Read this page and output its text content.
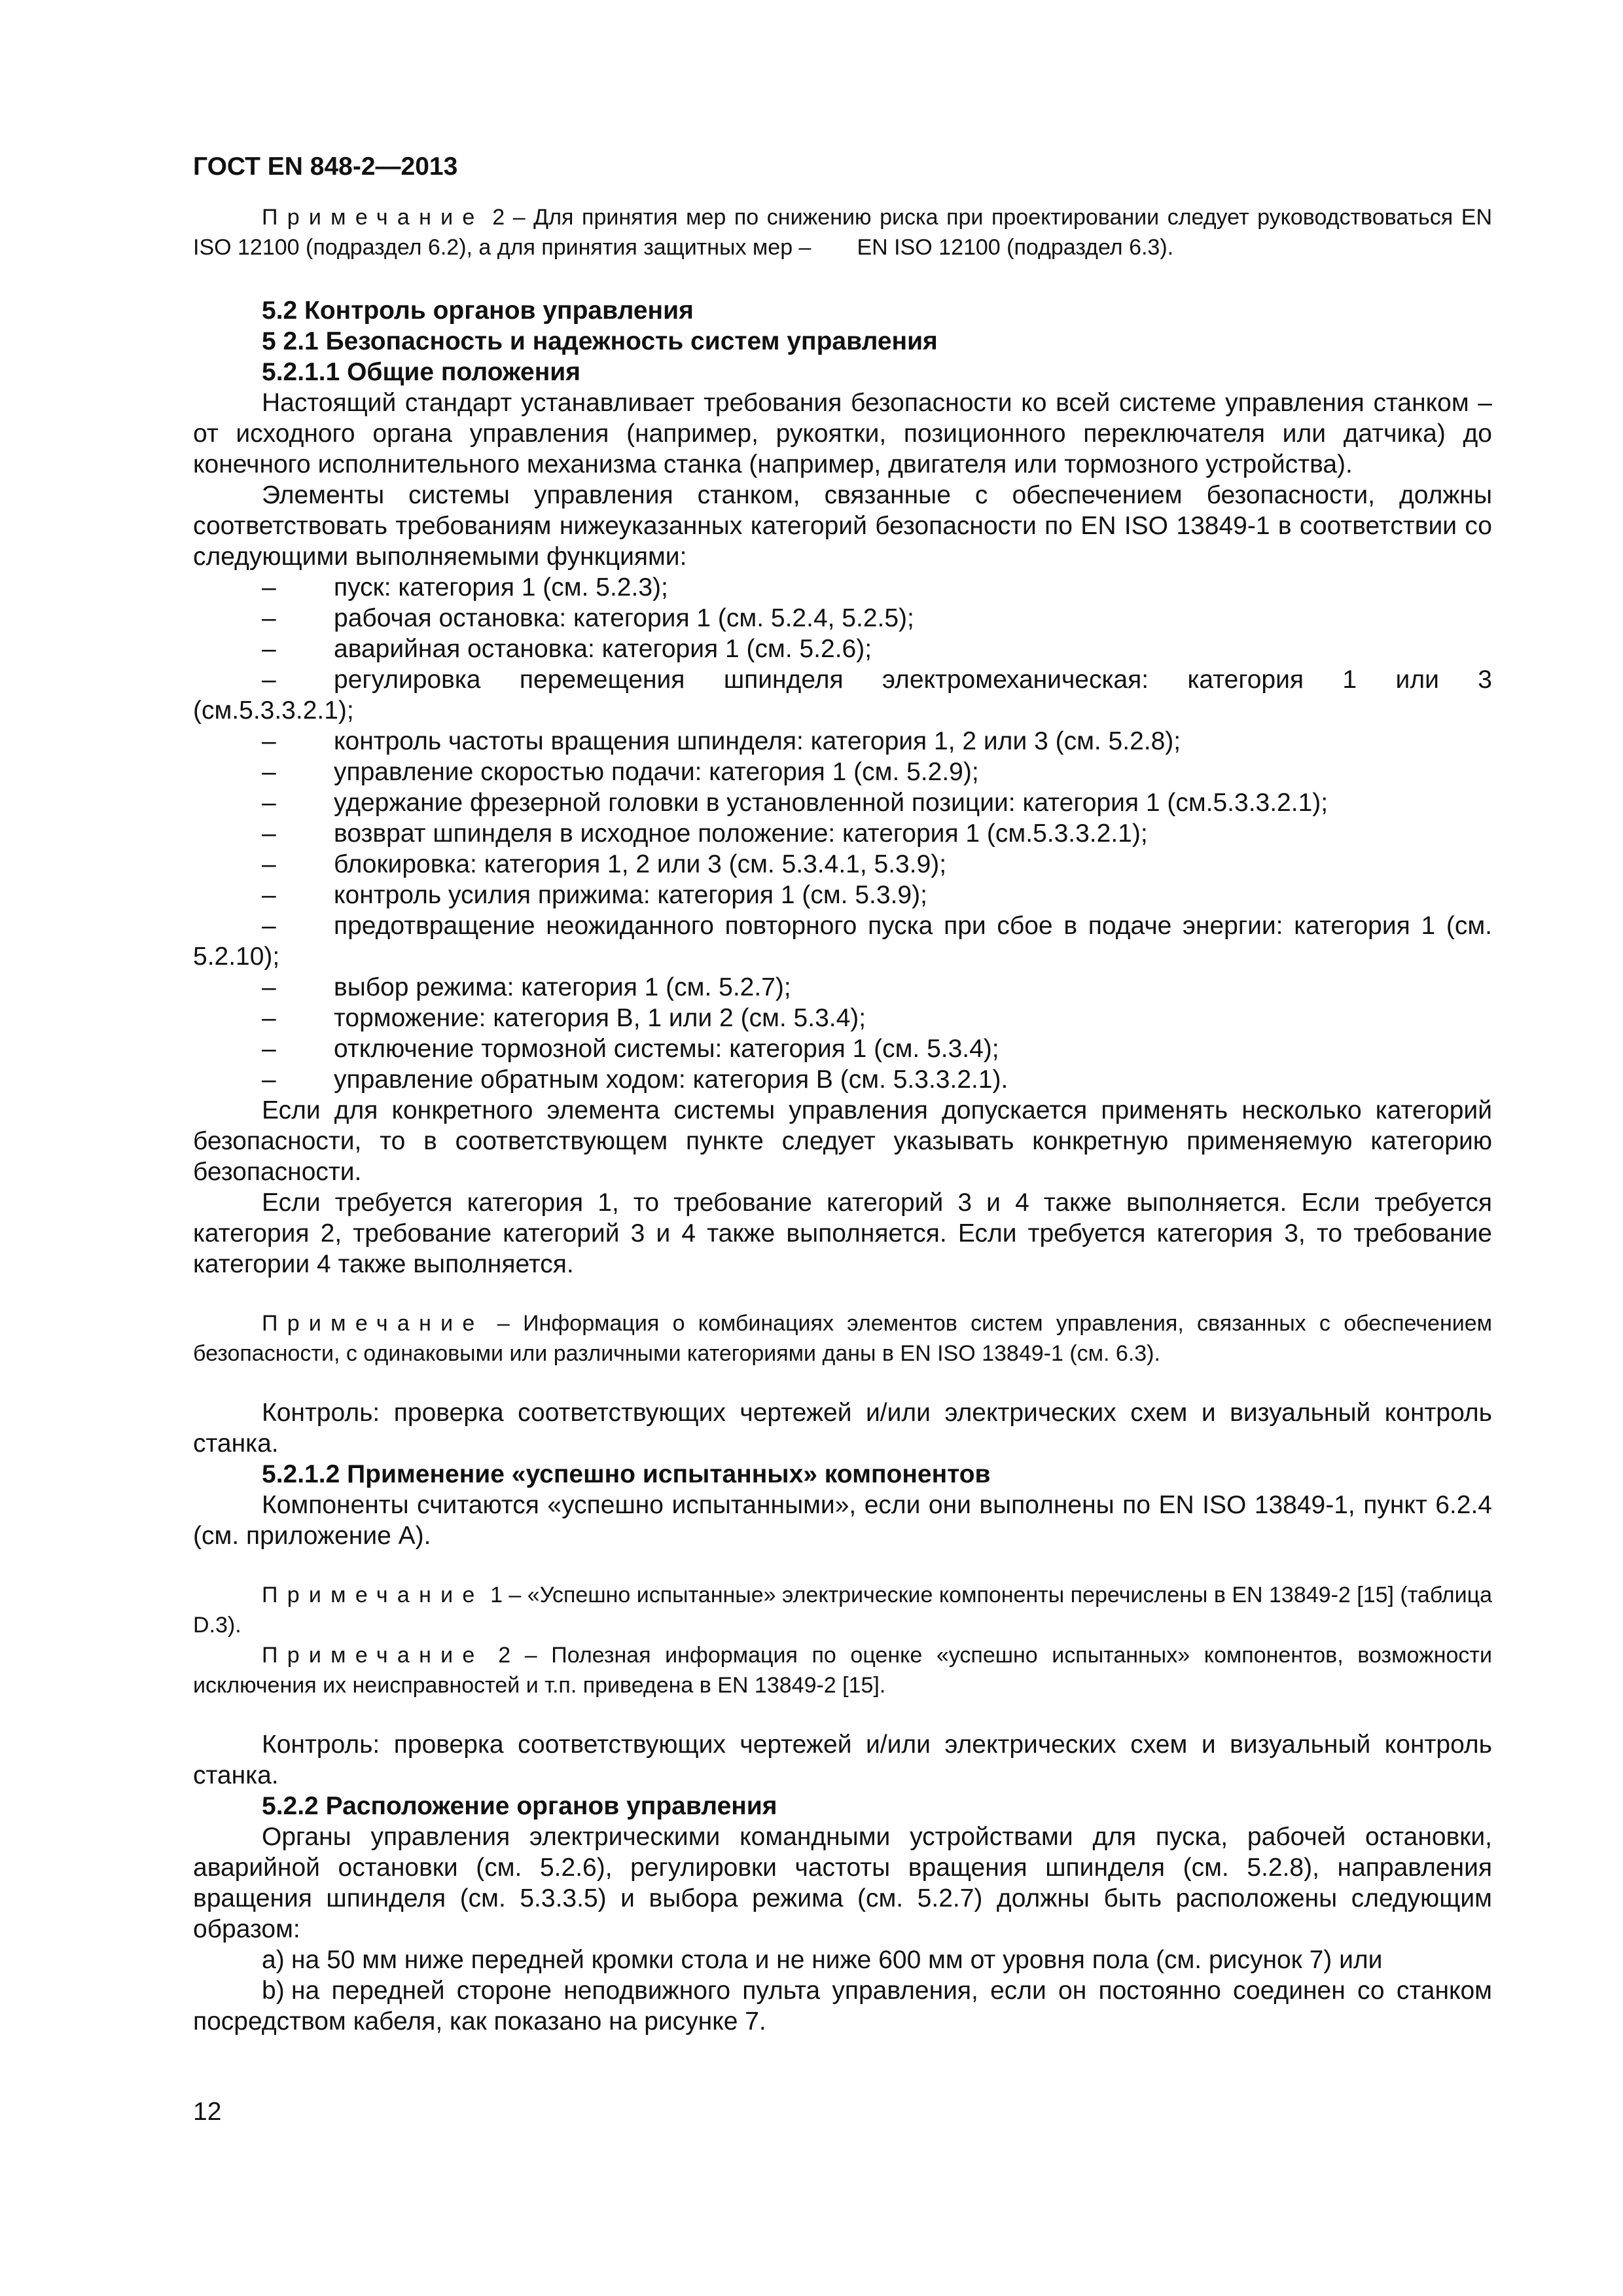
ГОСТ EN 848-2—2013

Примечание 2 – Для принятия мер по снижению риска при проектировании следует руководствоваться EN ISO 12100 (подраздел 6.2), а для принятия защитных мер – EN ISO 12100 (подраздел 6.3).

5.2 Контроль органов управления

5 2.1 Безопасность и надежность систем управления

5.2.1.1 Общие положения

Настоящий стандарт устанавливает требования безопасности ко всей системе управления станком – от исходного органа управления (например, рукоятки, позиционного переключателя или датчика) до конечного исполнительного механизма станка (например, двигателя или тормозного устройства).

Элементы системы управления станком, связанные с обеспечением безопасности, должны соответствовать требованиям нижеуказанных категорий безопасности по EN ISO 13849-1 в соответствии со следующими выполняемыми функциями:

– пуск: категория 1 (см. 5.2.3);

– рабочая остановка: категория 1 (см. 5.2.4, 5.2.5);

– аварийная остановка: категория 1 (см. 5.2.6);

– регулировка перемещения шпинделя электромеханическая: категория 1 или 3

(см.5.3.3.2.1);

– контроль частоты вращения шпинделя: категория 1, 2 или 3 (см. 5.2.8);

– управление скоростью подачи: категория 1 (см. 5.2.9);

– удержание фрезерной головки в установленной позиции: категория 1 (см.5.3.3.2.1);

– возврат шпинделя в исходное положение: категория 1 (см.5.3.3.2.1);

– блокировка: категория 1, 2 или 3 (см. 5.3.4.1, 5.3.9);

– контроль усилия прижима: категория 1 (см. 5.3.9);

– предотвращение неожиданного повторного пуска при сбое в подаче энергии: категория 1 (см. 5.2.10);

– выбор режима: категория 1 (см. 5.2.7);

– торможение: категория В, 1 или 2 (см. 5.3.4);

– отключение тормозной системы: категория 1 (см. 5.3.4);

– управление обратным ходом: категория В (см. 5.3.3.2.1).

Если для конкретного элемента системы управления допускается применять несколько категорий безопасности, то в соответствующем пункте следует указывать конкретную применяемую категорию безопасности.

Если требуется категория 1, то требование категорий 3 и 4 также выполняется. Если требуется категория 2, требование категорий 3 и 4 также выполняется. Если требуется категория 3, то требование категории 4 также выполняется.

Примечание – Информация о комбинациях элементов систем управления, связанных с обеспечением безопасности, с одинаковыми или различными категориями даны в EN ISO 13849-1 (см. 6.3).

Контроль: проверка соответствующих чертежей и/или электрических схем и визуальный контроль станка.

5.2.1.2 Применение «успешно испытанных» компонентов

Компоненты считаются «успешно испытанными», если они выполнены по EN ISO 13849-1, пункт 6.2.4 (см. приложение А).

Примечание 1 – «Успешно испытанные» электрические компоненты перечислены в EN 13849-2 [15] (таблица D.3).

Примечание 2 – Полезная информация по оценке «успешно испытанных» компонентов, возможности исключения их неисправностей и т.п. приведена в EN 13849-2 [15].

Контроль: проверка соответствующих чертежей и/или электрических схем и визуальный контроль станка.

5.2.2 Расположение органов управления

Органы управления электрическими командными устройствами для пуска, рабочей остановки, аварийной остановки (см. 5.2.6), регулировки частоты вращения шпинделя (см. 5.2.8), направления вращения шпинделя (см. 5.3.3.5) и выбора режима (см. 5.2.7) должны быть расположены следующим образом:

а) на 50 мм ниже передней кромки стола и не ниже 600 мм от уровня пола (см. рисунок 7) или

b) на передней стороне неподвижного пульта управления, если он постоянно соединен со станком посредством кабеля, как показано на рисунке 7.

12
